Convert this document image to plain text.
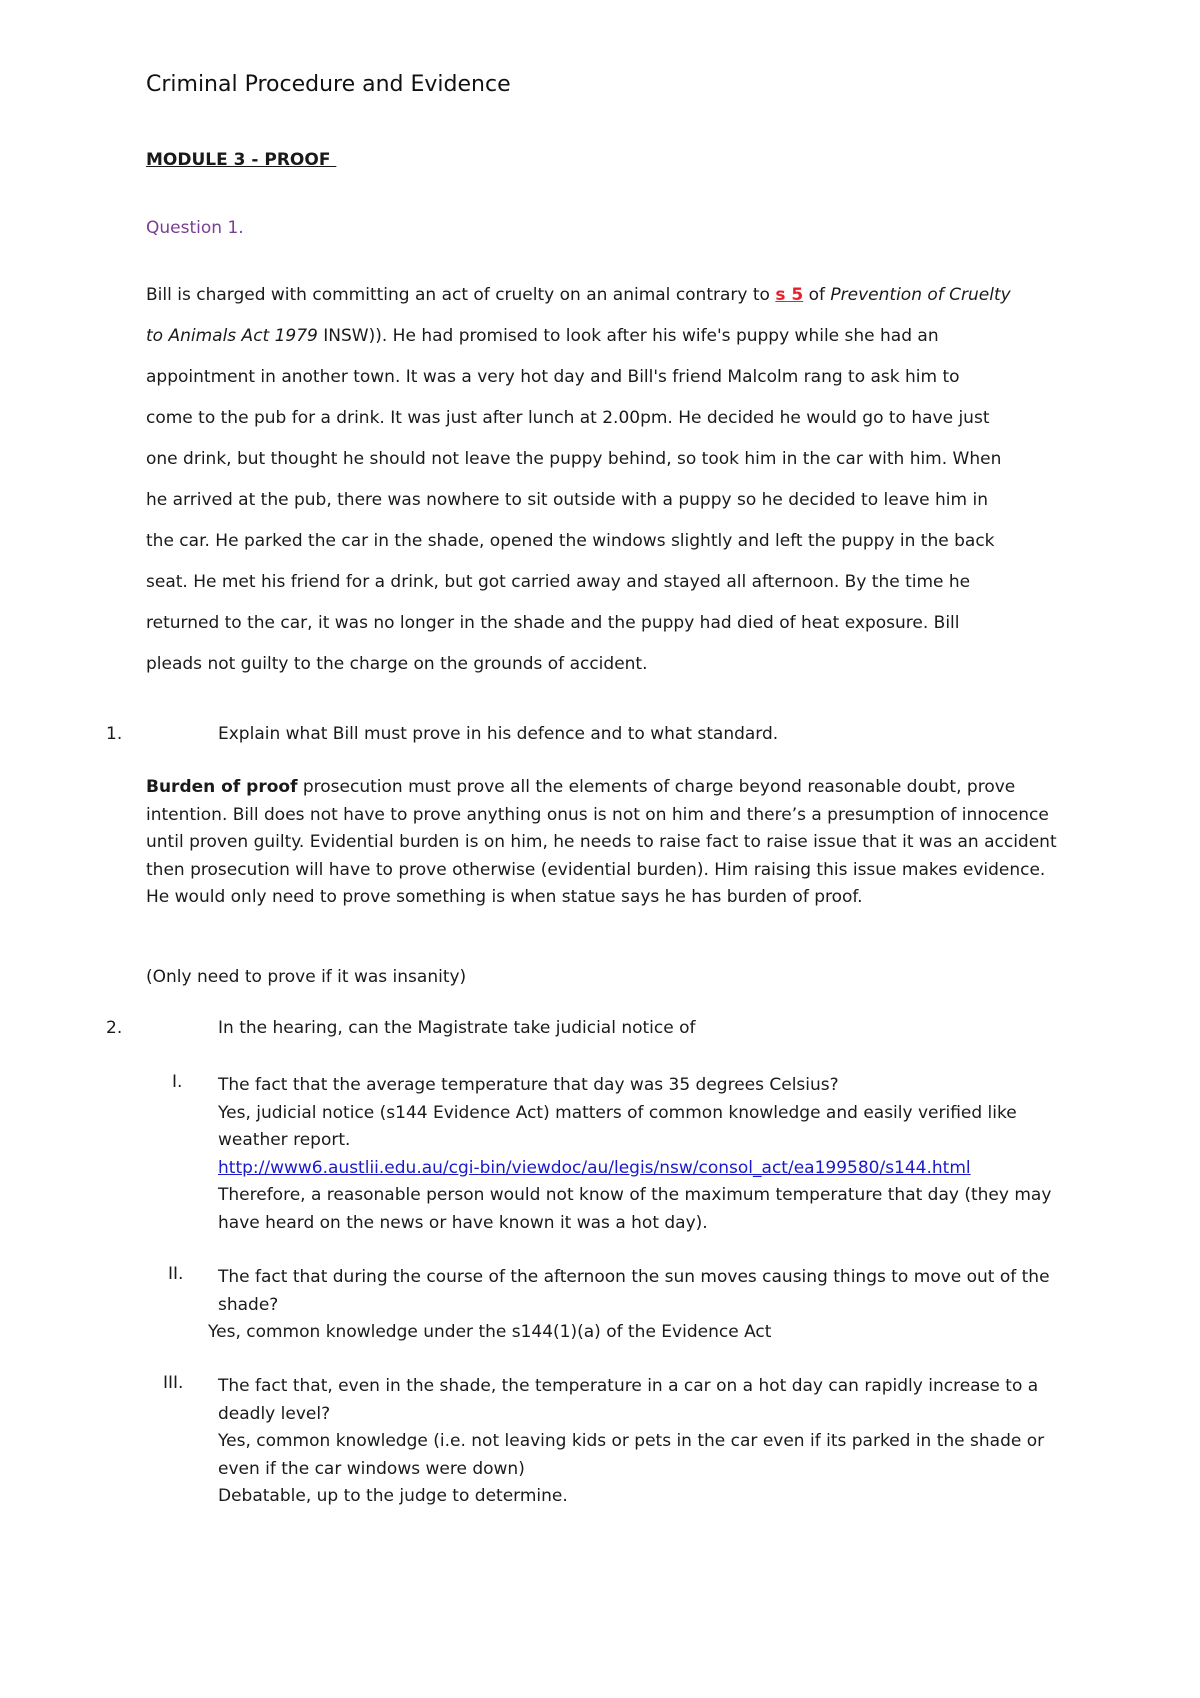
Criminal Procedure and Evidence
MODULE 3 - PROOF
Question 1.
Bill is charged with committing an act of cruelty on an animal contrary to s 5 of Prevention of Cruelty
to Animals Act 1979 INSW)). He had promised to look after his wife's puppy while she had an
appointment in another town. It was a very hot day and Bill's friend Malcolm rang to ask him to
come to the pub for a drink. It was just after lunch at 2.00pm. He decided he would go to have just
one drink, but thought he should not leave the puppy behind, so took him in the car with him. When
he arrived at the pub, there was nowhere to sit outside with a puppy so he decided to leave him in
the car. He parked the car in the shade, opened the windows slightly and left the puppy in the back
seat. He met his friend for a drink, but got carried away and stayed all afternoon. By the time he
returned to the car, it was no longer in the shade and the puppy had died of heat exposure. Bill
pleads not guilty to the charge on the grounds of accident.
1.	Explain what Bill must prove in his defence and to what standard.
Burden of proof prosecution must prove all the elements of charge beyond reasonable doubt, prove intention. Bill does not have to prove anything onus is not on him and there’s a presumption of innocence until proven guilty. Evidential burden is on him, he needs to raise fact to raise issue that it was an accident then prosecution will have to prove otherwise (evidential burden). Him raising this issue makes evidence. He would only need to prove something is when statue says he has burden of proof.
(Only need to prove if it was insanity)
2.	In the hearing, can the Magistrate take judicial notice of
I. The fact that the average temperature that day was 35 degrees Celsius?
Yes, judicial notice (s144 Evidence Act) matters of common knowledge and easily verified like weather report.
http://www6.austlii.edu.au/cgi-bin/viewdoc/au/legis/nsw/consol_act/ea199580/s144.html
Therefore, a reasonable person would not know of the maximum temperature that day (they may have heard on the news or have known it was a hot day).
II. The fact that during the course of the afternoon the sun moves causing things to move out of the shade?
Yes, common knowledge under the s144(1)(a) of the Evidence Act
III. The fact that, even in the shade, the temperature in a car on a hot day can rapidly increase to a deadly level?
Yes, common knowledge (i.e. not leaving kids or pets in the car even if its parked in the shade or even if the car windows were down)
Debatable, up to the judge to determine.
